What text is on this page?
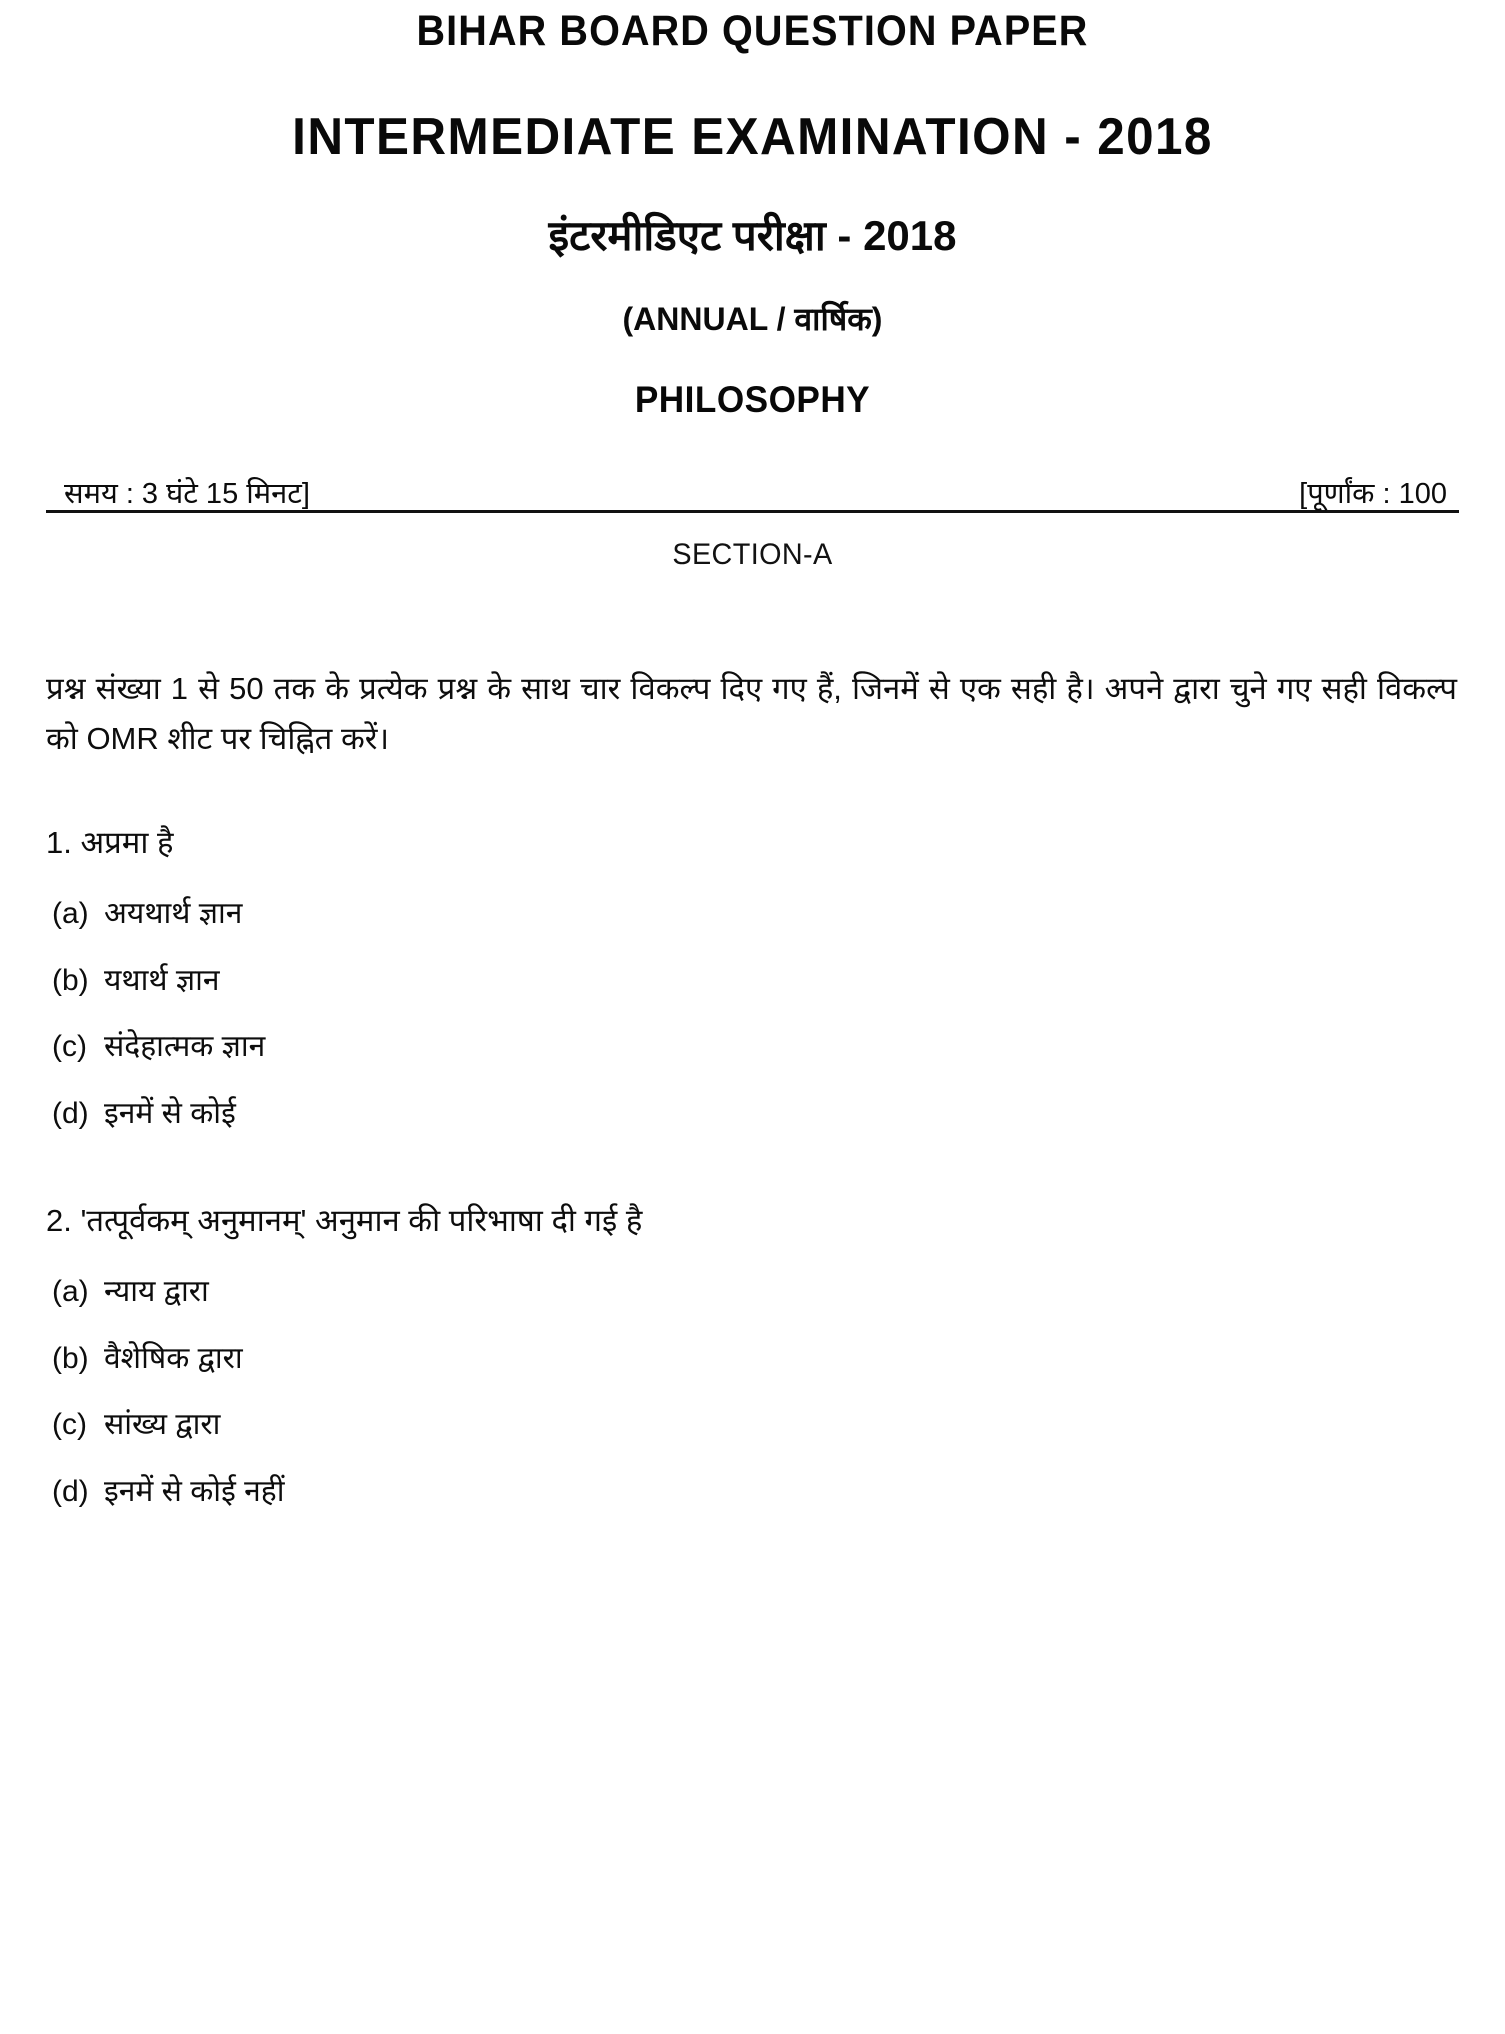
BIHAR BOARD QUESTION PAPER
INTERMEDIATE EXAMINATION - 2018
इंटरमीडिएट परीक्षा - 2018
(ANNUAL / वार्षिक)
PHILOSOPHY
समय : 3 घंटे 15 मिनट]	[पूर्णांक : 100
SECTION-A
प्रश्न संख्या 1 से 50 तक के प्रत्येक प्रश्न के साथ चार विकल्प दिए गए हैं, जिनमें से एक सही है। अपने द्वारा चुने गए सही विकल्प को OMR शीट पर चिह्नित करें।
1. अप्रमा है
(a) अयथार्थ ज्ञान
(b) यथार्थ ज्ञान
(c) संदेहात्मक ज्ञान
(d) इनमें से कोई
2. 'तत्पूर्वकम् अनुमानम्' अनुमान की परिभाषा दी गई है
(a) न्याय द्वारा
(b) वैशेषिक द्वारा
(c) सांख्य द्वारा
(d) इनमें से कोई नहीं
